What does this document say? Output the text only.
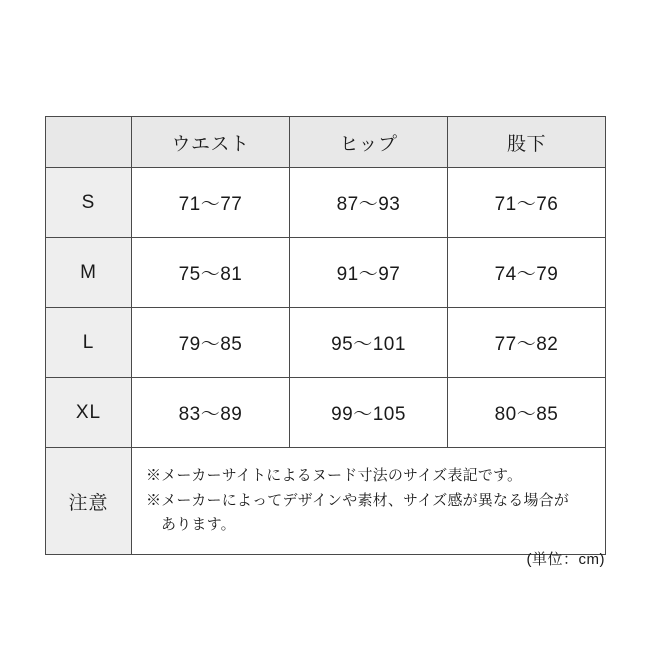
	ウエスト	ヒップ	股下
S	71〜77	87〜93	71〜76
M	75〜81	91〜97	74〜79
L	79〜85	95〜101	77〜82
XL	83〜89	99〜105	80〜85
注意	※メーカーサイトによるヌード寸法のサイズ表記です。
※メーカーによってデザインや素材、サイズ感が異なる場合が
あります。		
(単位：cm)
